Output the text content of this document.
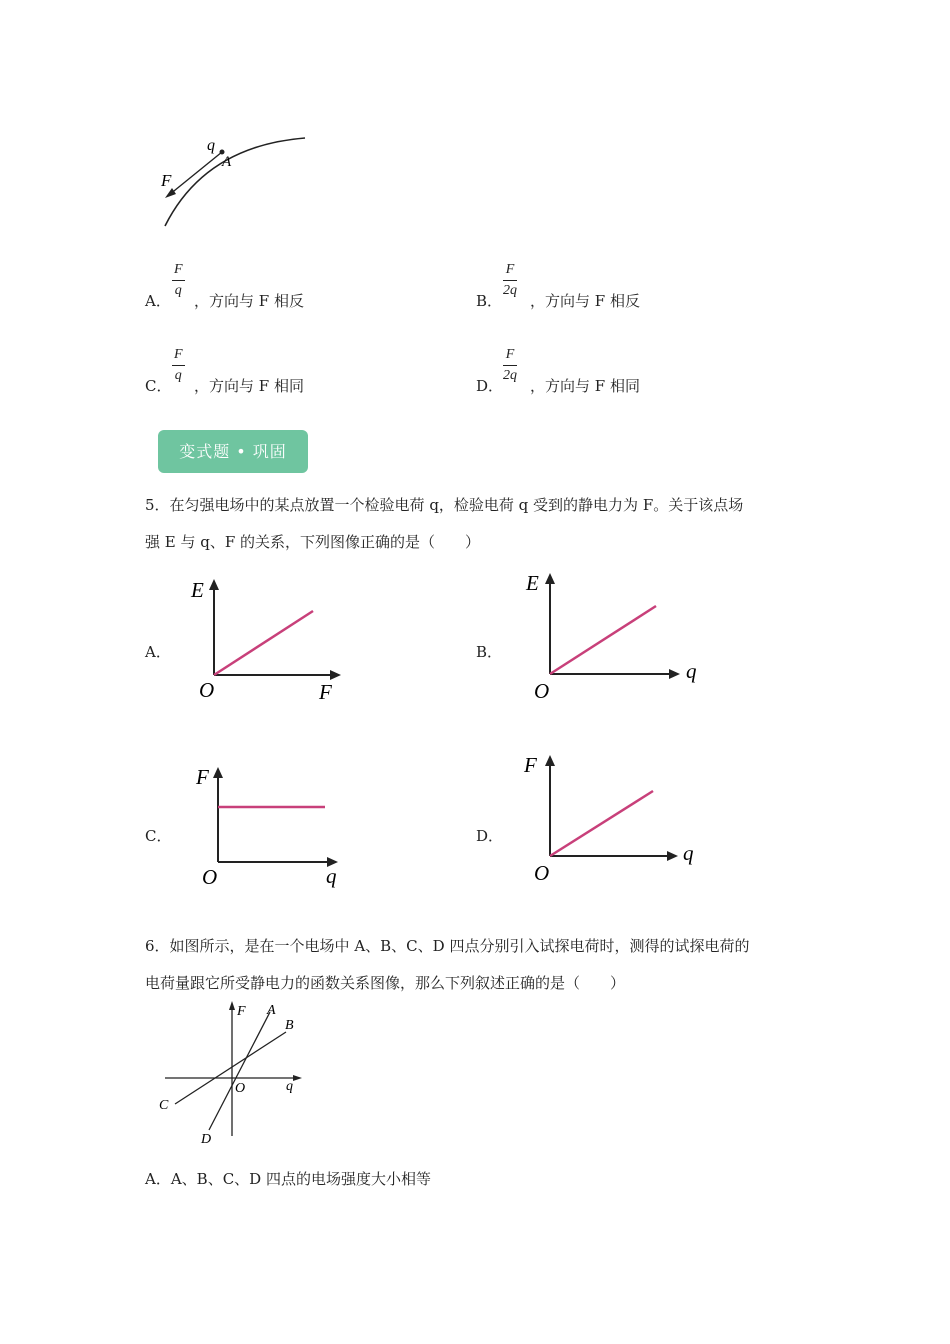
q
A
F
A．
$\frac{F}{q}$
，方向与 F 相反	B．
$\frac{F}{2q}$
，方向与 F 相反
C．
$\frac{F}{q}$
，方向与 F 相同	D．
$\frac{F}{2q}$
，方向与 F 相同
变式题 • 巩固
5．在匀强电场中的某点放置一个检验电荷 q，检验电荷 q 受到的静电力为 F。关于该点场
强 E 与 q、F 的关系，下列图像正确的是（　　）
A．
E
F
O
B．
E
q
O
C．
F
q
O
D．
F
q
O
6．如图所示，是在一个电场中 A、B、C、D 四点分别引入试探电荷时，测得的试探电荷的
电荷量跟它所受静电力的函数关系图像，那么下列叙述正确的是（　　）
F A
B
q
O
C
D
A．A、B、C、D 四点的电场强度大小相等
